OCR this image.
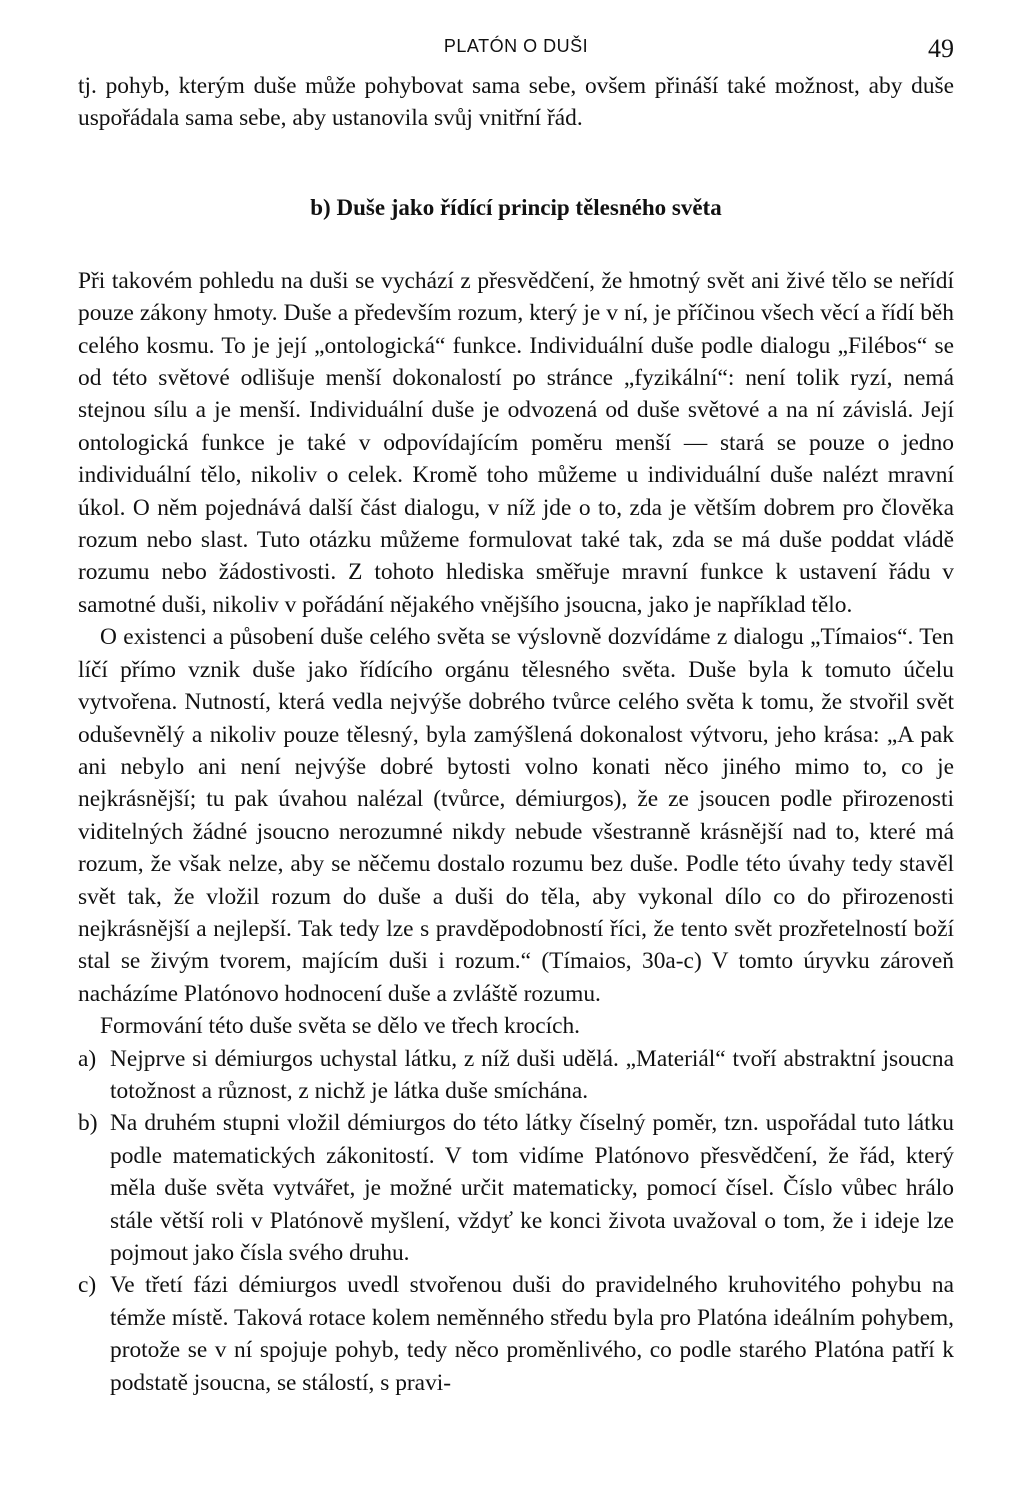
PLATÓN O DUŠI	49

tj. pohyb, kterým duše může pohybovat sama sebe, ovšem přináší také možnost, aby duše uspořádala sama sebe, aby ustanovila svůj vnitřní řád.

b) Duše jako řídící princip tělesného světa

Při takovém pohledu na duši se vychází z přesvědčení, že hmotný svět ani živé tělo se neřídí pouze zákony hmoty. Duše a především rozum, který je v ní, je příčinou všech věcí a řídí běh celého kosmu. To je její „ontologická“ funkce. Individuální duše podle dialogu „Filébos“ se od této světové odlišuje menší dokonalostí po stránce „fyzikální“: není tolik ryzí, nemá stejnou sílu a je menší. Individuální duše je odvozená od duše světové a na ní závislá. Její ontologická funkce je také v odpovídajícím poměru menší — stará se pouze o jedno individuální tělo, nikoliv o celek. Kromě toho můžeme u individuální duše nalézt mravní úkol. O něm pojednává další část dialogu, v níž jde o to, zda je větším dobrem pro člověka rozum nebo slast. Tuto otázku můžeme formulovat také tak, zda se má duše poddat vládě rozumu nebo žádostivosti. Z tohoto hlediska směřuje mravní funkce k ustavení řádu v samotné duši, nikoliv v pořádání nějakého vnějšího jsoucna, jako je například tělo.

O existenci a působení duše celého světa se výslovně dozvídáme z dialogu „Tímaios“. Ten líčí přímo vznik duše jako řídícího orgánu tělesného světa. Duše byla k tomuto účelu vytvořena. Nutností, která vedla nejvýše dobrého tvůrce celého světa k tomu, že stvořil svět oduševnělý a nikoliv pouze tělesný, byla zamýšlená dokonalost výtvoru, jeho krása: „A pak ani nebylo ani není nejvýše dobré bytosti volno konati něco jiného mimo to, co je nejkrásnější; tu pak úvahou nalézal (tvůrce, démiurgos), že ze jsoucen podle přirozenosti viditelných žádné jsoucno nerozumné nikdy nebude všestranně krásnější nad to, které má rozum, že však nelze, aby se něčemu dostalo rozumu bez duše. Podle této úvahy tedy stavěl svět tak, že vložil rozum do duše a duši do těla, aby vykonal dílo co do přirozenosti nejkrásnější a nejlepší. Tak tedy lze s pravděpodobností říci, že tento svět prozřetelností boží stal se živým tvorem, majícím duši i rozum.“ (Tímaios, 30a-c) V tomto úryvku zároveň nacházíme Platónovo hodnocení duše a zvláště rozumu.

Formování této duše světa se dělo ve třech krocích.

a) Nejprve si démiurgos uchystal látku, z níž duši udělá. „Materiál“ tvoří abstraktní jsoucna totožnost a různost, z nichž je látka duše smíchána.

b) Na druhém stupni vložil démiurgos do této látky číselný poměr, tzn. uspořádal tuto látku podle matematických zákonitostí. V tom vidíme Platónovo přesvědčení, že řád, který měla duše světa vytvářet, je možné určit matematicky, pomocí čísel. Číslo vůbec hrálo stále větší roli v Platónově myšlení, vždyť ke konci života uvažoval o tom, že i ideje lze pojmout jako čísla svého druhu.

c) Ve třetí fázi démiurgos uvedl stvořenou duši do pravidelného kruhovitého pohybu na témže místě. Taková rotace kolem neměnného středu byla pro Platóna ideálním pohybem, protože se v ní spojuje pohyb, tedy něco proměnlivého, co podle starého Platóna patří k podstatě jsoucna, se stálostí, s pravi-
